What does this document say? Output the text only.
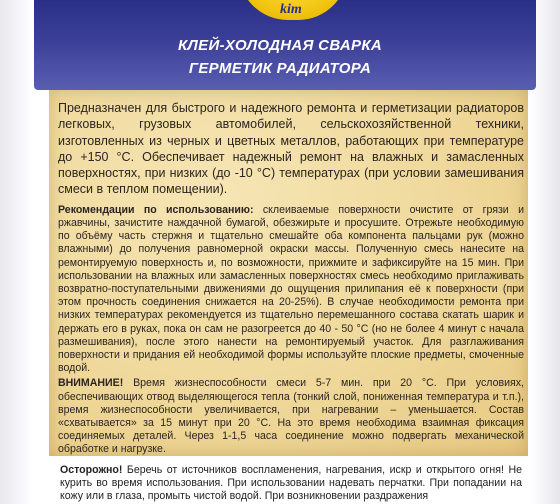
kim
КЛЕЙ-ХОЛОДНАЯ СВАРКА
ГЕРМЕТИК РАДИАТОРА

Предназначен для быстрого и надежного ремонта и герметизации радиаторов легковых, грузовых автомобилей, сельскохозяйственной техники, изготовленных из черных и цветных металлов, работающих при температуре до +150 °С. Обеспечивает надежный ремонт на влажных и замасленных поверхностях, при низких (до -10 °С) температурах (при условии замешивания смеси в теплом помещении).

Рекомендации по использованию: склеиваемые поверхности очистите от грязи и ржавчины, зачистите наждачной бумагой, обезжирьте и просушите. Отрежьте необходимую по объёму часть стержня и тщательно смешайте оба компонента пальцами рук (можно влажными) до получения равномерной окраски массы. Полученную смесь нанесите на ремонтируемую поверхность и, по возможности, прижмите и зафиксируйте на 15 мин. При использовании на влажных или замасленных поверхностях смесь необходимо приглаживать возвратно-поступательными движениями до ощущения прилипания её к поверхности (при этом прочность соединения снижается на 20-25%). В случае необходимости ремонта при низких температурах рекомендуется из тщательно перемешанного состава скатать шарик и держать его в руках, пока он сам не разогреется до 40 - 50 °С (но не более 4 минут с начала размешивания), после этого нанести на ремонтируемый участок. Для разглаживания поверхности и придания ей необходимой формы используйте плоские предметы, смоченные водой.

ВНИМАНИЕ! Время жизнеспособности смеси 5-7 мин. при 20 °С. При условиях, обеспечивающих отвод выделяющегося тепла (тонкий слой, пониженная температура и т.п.), время жизнеспособности увеличивается, при нагревании – уменьшается. Состав «схватывается» за 15 минут при 20 °С. На это время необходима взаимная фиксация соединяемых деталей. Через 1-1,5 часа соединение можно подвергать механической обработке и нагрузке.

Осторожно! Беречь от источников воспламенения, нагревания, искр и открытого огня! Не курить во время использования. При использовании надевать перчатки. При попадании на кожу или в глаза, промыть чистой водой. При возникновении раздражения
